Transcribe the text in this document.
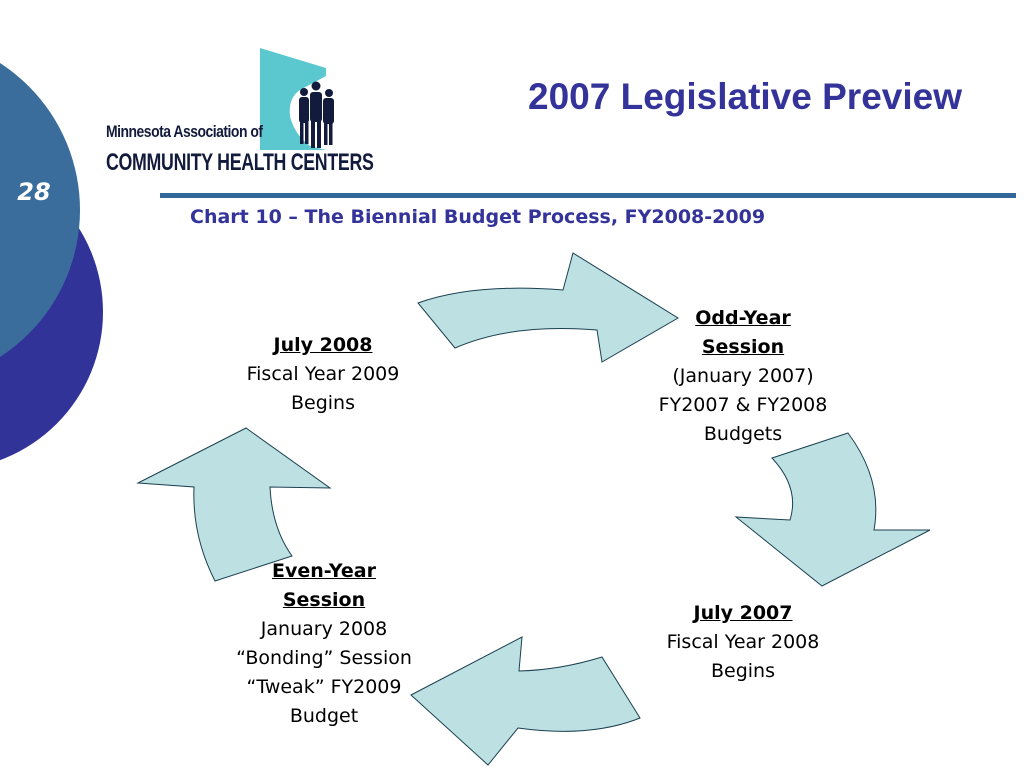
28
Minnesota Association of
COMMUNITY HEALTH CENTERS
2007 Legislative Preview
Chart 10 – The Biennial Budget Process, FY2008-2009
Odd-Year
Session
(January 2007)
FY2007 & FY2008
Budgets
July 2007
Fiscal Year 2008
Begins
Even-Year
Session
January 2008
“Bonding” Session
“Tweak” FY2009
Budget
July 2008
Fiscal Year 2009
Begins
